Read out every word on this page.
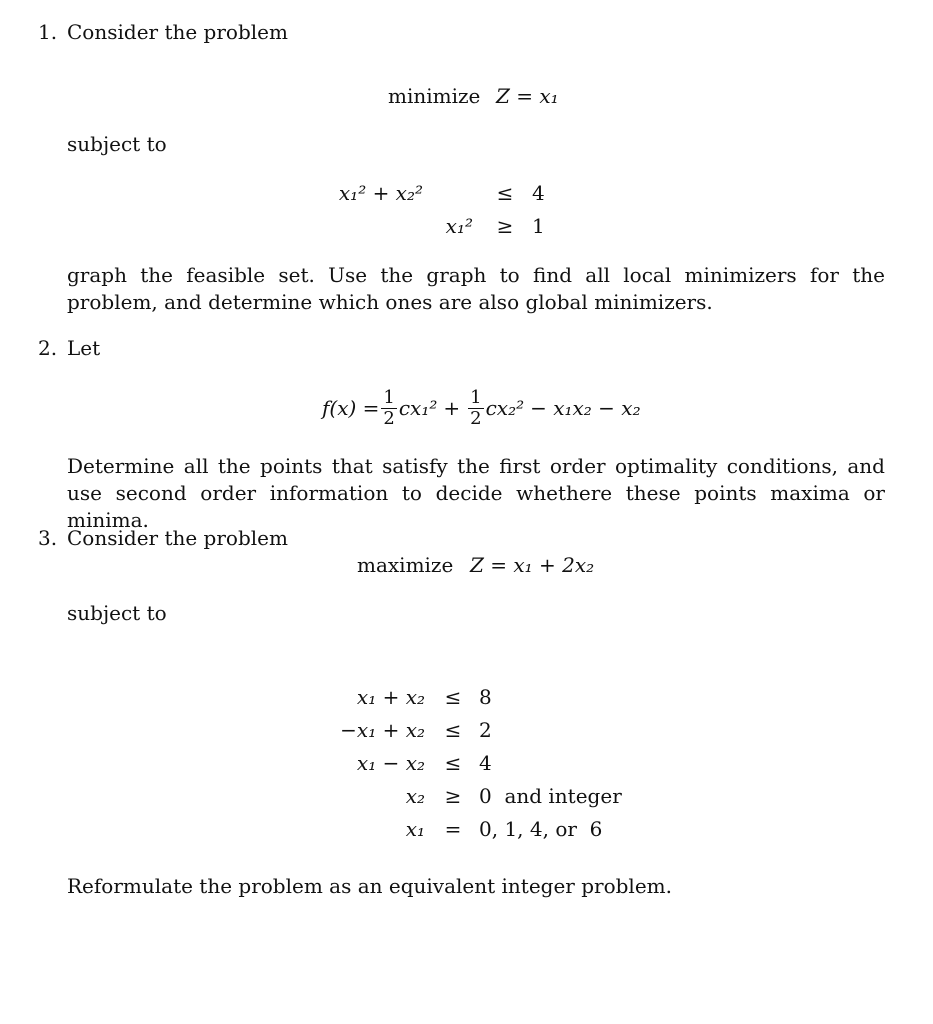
1. Consider the problem
minimize Z = x₁
subject to
x₁² + x₂²	≤ 4
x₁²	≥ 1
graph the feasible set. Use the graph to find all local minimizers for the problem, and determine which ones are also global minimizers.
2. Let
$f(x) = \frac{1}{2} cx_1^2 + \frac{1}{2} cx_2^2 - x_1x_2 - x_2$
Determine all the points that satisfy the first order optimality conditions, and use second order information to decide whethere these points maxima or minima.
3. Consider the problem
maximize Z = x₁ + 2x₂
subject to
x₁ + x₂ ≤ 8
−x₁ + x₂ ≤ 2
x₁ − x₂ ≤ 4
x₂ ≥ 0  and integer
x₁ = 0, 1, 4, or  6
Reformulate the problem as an equivalent integer problem.
